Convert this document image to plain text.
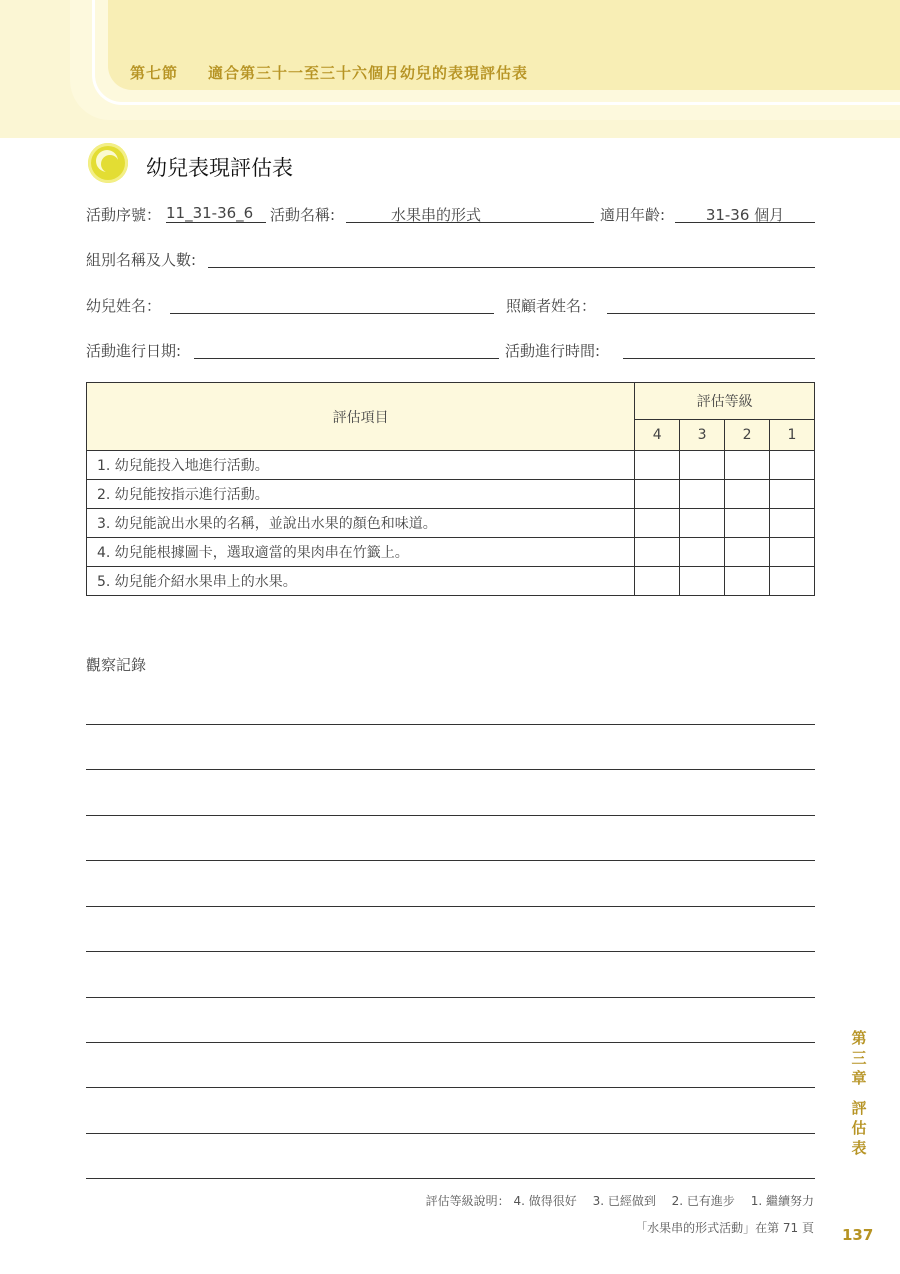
第七節 適合第三十一至三十六個月幼兒的表現評估表
幼兒表現評估表
活動序號： 11_31-36_6	活動名稱:	水果串的形式	適用年齡:	31-36 個月
組別名稱及人數:
幼兒姓名：	照顧者姓名：
活動進行日期:	活動進行時間:
評估項目	評估等級			
	4	3	2	1
1. 幼兒能投入地進行活動。				
2. 幼兒能按指示進行活動。				
3. 幼兒能說出水果的名稱，並說出水果的顏色和味道。				
4. 幼兒能根據圖卡，選取適當的果肉串在竹籤上。				
5. 幼兒能介紹水果串上的水果。				
觀察記錄
評估等級說明： 4. 做得很好　 3. 已經做到　 2. 已有進步　 1. 繼續努力
「水果串的形式活動」在第 71 頁
第
三
章
評
估
表
137
